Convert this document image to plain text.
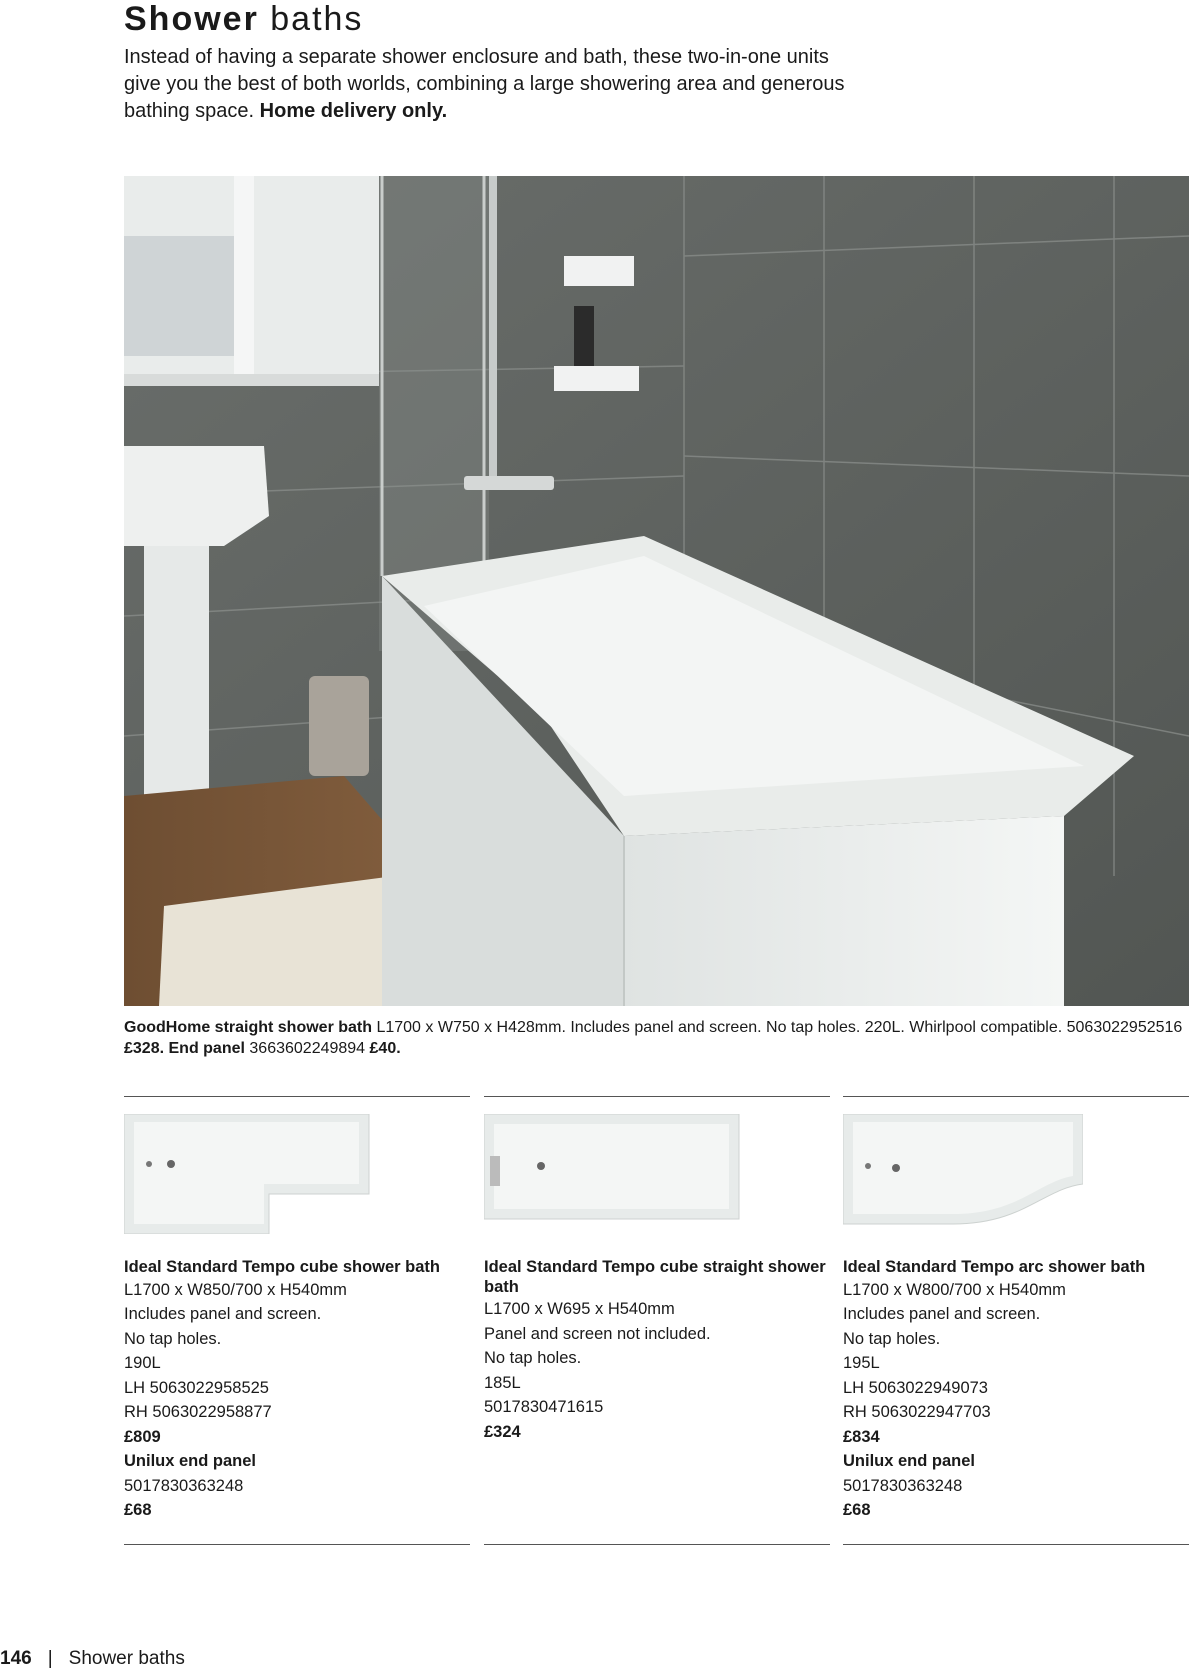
Shower baths

Instead of having a separate shower enclosure and bath, these two-in-one units give you the best of both worlds, combining a large showering area and generous bathing space. Home delivery only.

GoodHome straight shower bath L1700 x W750 x H428mm. Includes panel and screen. No tap holes. 220L. Whirlpool compatible. 5063022952516 £328. End panel 3663602249894 £40.

Ideal Standard Tempo cube shower bath
L1700 x W850/700 x H540mm
Includes panel and screen.
No tap holes.
190L
LH 5063022958525
RH 5063022958877
£809
Unilux end panel
5017830363248
£68
Ideal Standard Tempo cube straight shower bath
L1700 x W695 x H540mm
Panel and screen not included.
No tap holes.
185L
5017830471615
£324
Ideal Standard Tempo arc shower bath
L1700 x W800/700 x H540mm
Includes panel and screen.
No tap holes.
195L
LH 5063022949073
RH 5063022947703
£834
Unilux end panel
5017830363248
£68
146 | Shower baths
